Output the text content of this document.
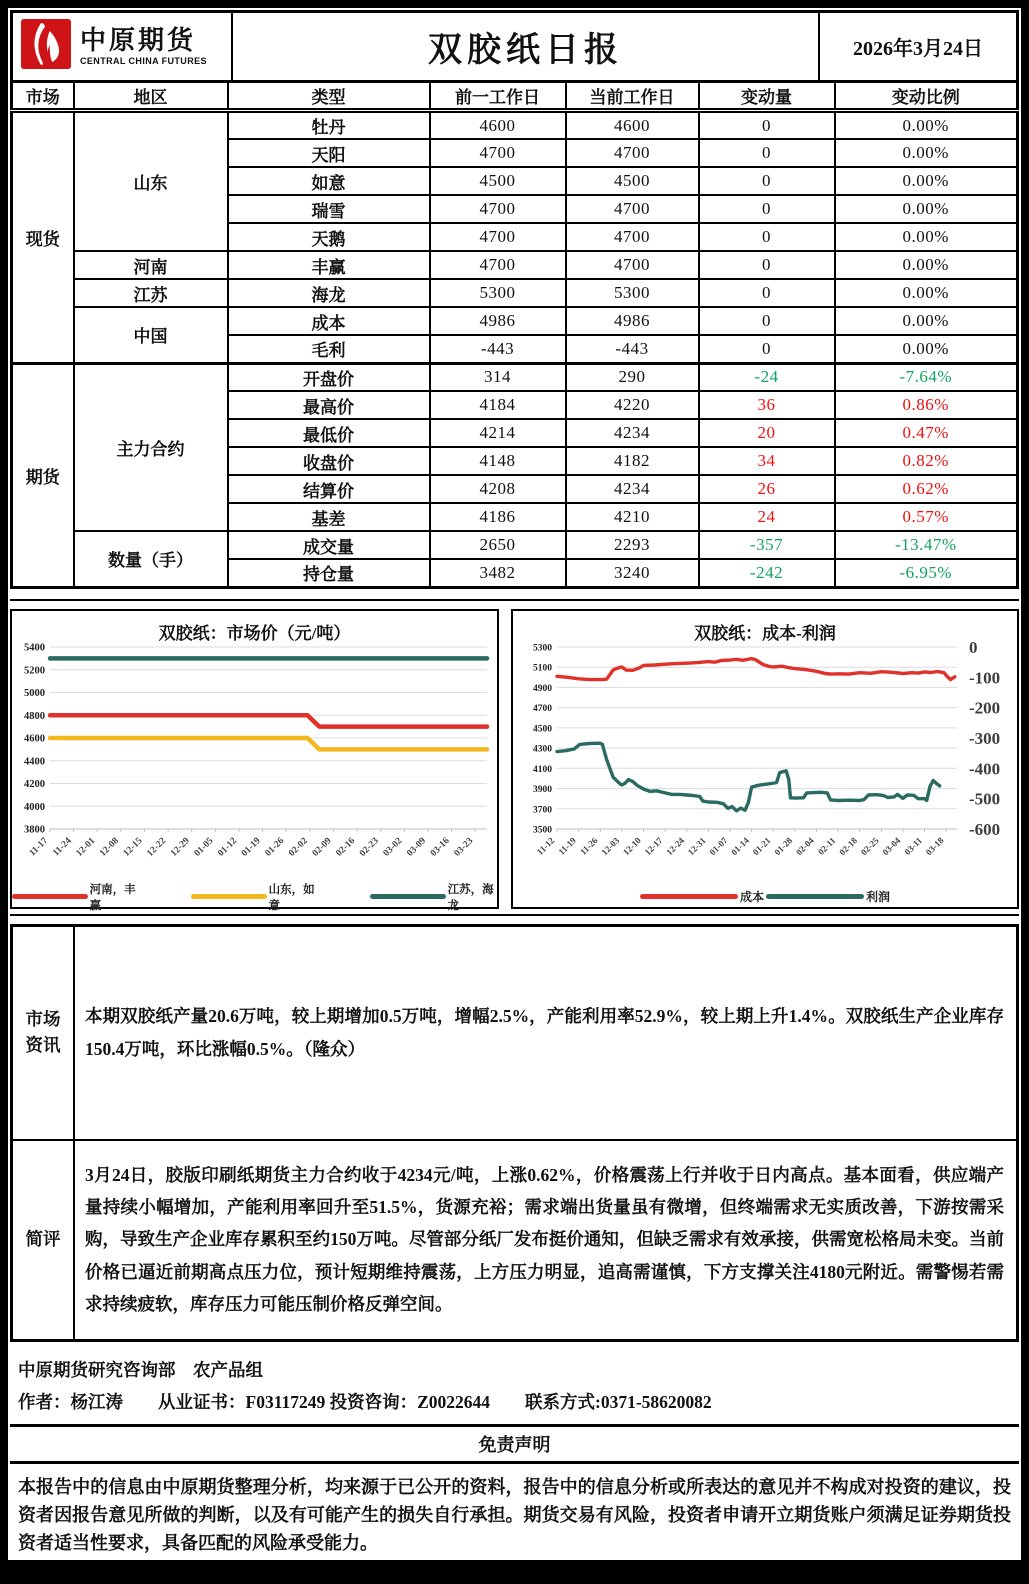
中原期货
CENTRAL CHINA FUTURES	双胶纸日报	2026年3月24日
市场	地区	类型	前一工作日	当前工作日	变动量	变动比例
现货	山东	牡丹	4600	4600	0	0.00%
		天阳	4700	4700	0	0.00%
		如意	4500	4500	0	0.00%
		瑞雪	4700	4700	0	0.00%
		天鹅	4700	4700	0	0.00%
	河南	丰赢	4700	4700	0	0.00%
	江苏	海龙	5300	5300	0	0.00%
	中国	成本	4986	4986	0	0.00%
		毛利	-443	-443	0	0.00%
期货	主力合约	开盘价	314	290	-24	-7.64%
		最高价	4184	4220	36	0.86%
		最低价	4214	4234	20	0.47%
		收盘价	4148	4182	34	0.82%
		结算价	4208	4234	26	0.62%
		基差	4186	4210	24	0.57%
	数量（手）	成交量	2650	2293	-357	-13.47%
		持仓量	3482	3240	-242	-6.95%
双胶纸：市场价（元/吨）
11-17 11-24 12-01 12-08 12-15 12-22 12-29 01-05 01-12 01-19 01-26 02-02 02-09 02-16 02-23 03-02 03-09 03-16 03-23
5400
5200
5000
4800
4600
4400
4200
4000
3800
河南，丰赢
山东，如意
江苏，海龙
双胶纸：成本-利润
11-12 11-19 11-26 12-03 12-10 12-17 12-24 12-31 01-07 01-14 01-21 01-28 02-04 02-11 02-18 02-25 03-04 03-11 03-18
5300
5100
4900
4700
4500
4300
4100
3900
3700
3500
0
-100
-200
-300
-400
-500
-600
成本	利润
市场资讯
本期双胶纸产量20.6万吨，较上期增加0.5万吨，增幅2.5%，产能利用率52.9%，较上期上升1.4%。双胶纸生产企业库存150.4万吨，环比涨幅0.5%。（隆众）
简评
3月24日，胶版印刷纸期货主力合约收于4234元/吨，上涨0.62%，价格震荡上行并收于日内高点。基本面看，供应端产量持续小幅增加，产能利用率回升至51.5%，货源充裕；需求端出货量虽有微增，但终端需求无实质改善，下游按需采购，导致生产企业库存累积至约150万吨。尽管部分纸厂发布挺价通知，但缺乏需求有效承接，供需宽松格局未变。当前价格已逼近前期高点压力位，预计短期维持震荡，上方压力明显，追高需谨慎，下方支撑关注4180元附近。需警惕若需求持续疲软，库存压力可能压制价格反弹空间。
中原期货研究咨询部　农产品组
作者：杨江涛　　从业证书：F03117249 投资咨询：Z0022644　　联系方式:0371-58620082
免责声明
本报告中的信息由中原期货整理分析，均来源于已公开的资料，报告中的信息分析或所表达的意见并不构成对投资的建议，投资者因报告意见所做的判断，以及有可能产生的损失自行承担。期货交易有风险，投资者申请开立期货账户须满足证券期货投资者适当性要求，具备匹配的风险承受能力。
